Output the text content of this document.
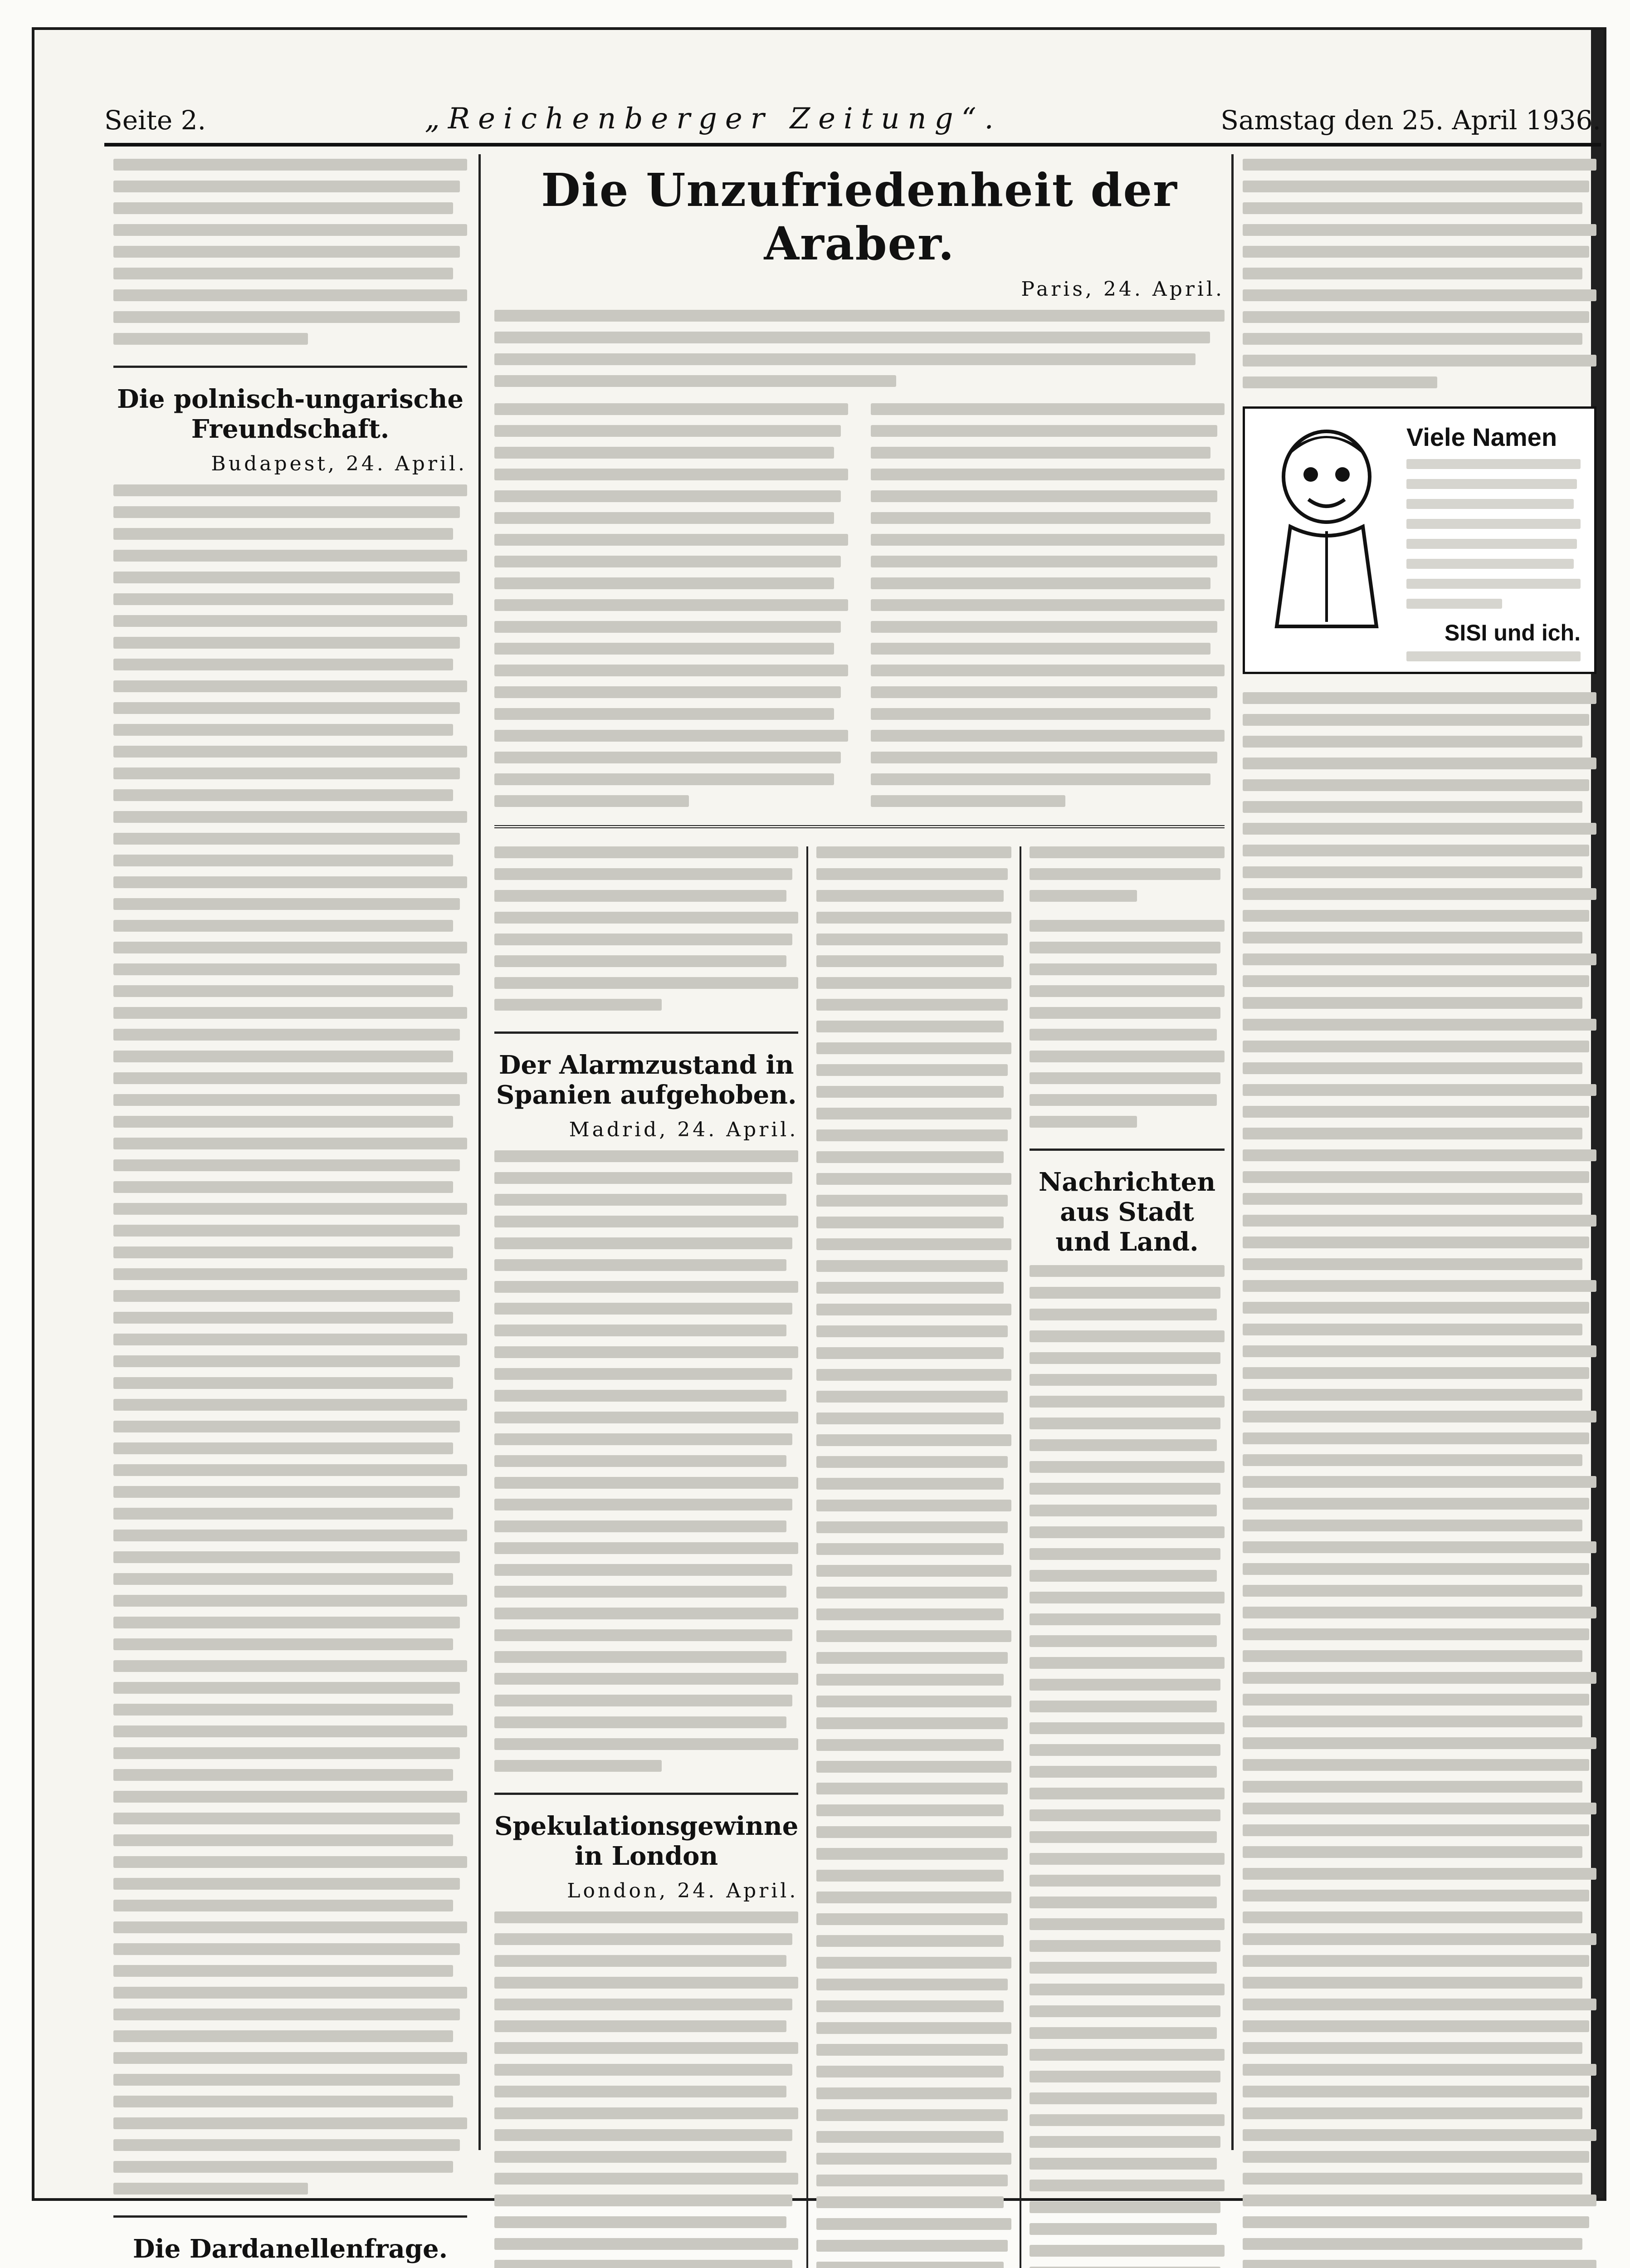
Seite 2.	„Reichenberger Zeitung“.	Samstag den 25. April 1936.
Die polnisch-ungarische Freundschaft.
Budapest, 24. April.
Die Dardanellenfrage.
Die Unzufriedenheit der Araber.
Paris, 24. April.
Der Alarmzustand in Spanien aufgehoben.
Madrid, 24. April.
Spekulationsgewinne in London
London, 24. April.
Nachrichten aus Stadt und Land.
Viele Namen
SISI und ich.
